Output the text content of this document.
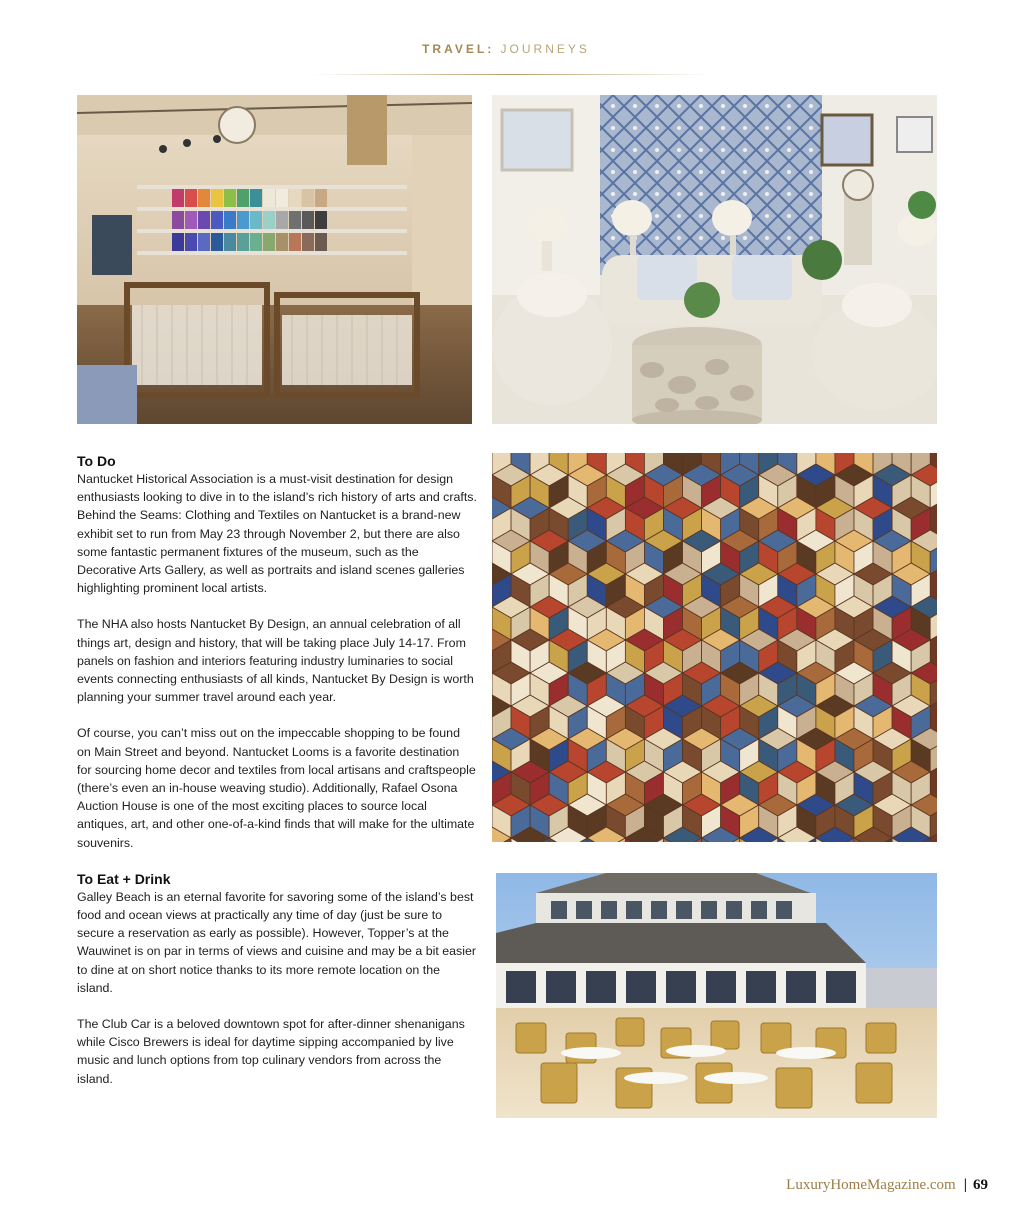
TRAVEL: JOURNEYS
To Do

Nantucket Historical Association is a must-visit destination for design enthusiasts looking to dive in to the island’s rich history of arts and crafts. Behind the Seams: Clothing and Textiles on Nantucket is a brand-new exhibit set to run from May 23 through November 2, but there are also some fantastic permanent fixtures of the museum, such as the Decorative Arts Gallery, as well as portraits and island scenes galleries highlighting prominent local artists.

The NHA also hosts Nantucket By Design, an annual celebration of all things art, design and history, that will be taking place July 14-17. From panels on fashion and interiors featuring industry luminaries to social events connecting enthusiasts of all kinds, Nantucket By Design is worth planning your summer travel around each year.

Of course, you can’t miss out on the impeccable shopping to be found on Main Street and beyond. Nantucket Looms is a favorite destination for sourcing home decor and textiles from local artisans and craftspeople (there’s even an in-house weaving studio). Additionally, Rafael Osona Auction House is one of the most exciting places to source local antiques, art, and other one-of-a-kind finds that will make for the ultimate souvenirs.

To Eat + Drink

Galley Beach is an eternal favorite for savoring some of the island’s best food and ocean views at practically any time of day (just be sure to secure a reservation as early as possible). However, Topper’s at the Wauwinet is on par in terms of views and cuisine and may be a bit easier to dine at on short notice thanks to its more remote location on the island.

The Club Car is a beloved downtown spot for after-dinner shenanigans while Cisco Brewers is ideal for daytime sipping accompanied by live music and lunch options from top culinary vendors from across the island.

LuxuryHomeMagazine.com | 69
